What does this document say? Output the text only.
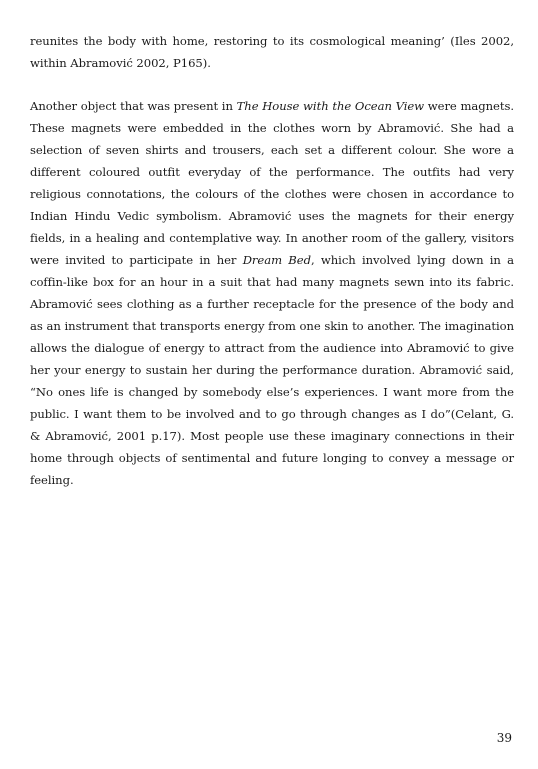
reunites the body with home, restoring to its cosmological meaning’ (Iles 2002, within Abramović 2002, P165).

Another object that was present in The House with the Ocean View were magnets. These magnets were embedded in the clothes worn by Abramović. She had a selection of seven shirts and trousers, each set a different colour. She wore a different coloured outfit everyday of the performance. The outfits had very religious connotations, the colours of the clothes were chosen in accordance to Indian Hindu Vedic symbolism. Abramović uses the magnets for their energy fields, in a healing and contemplative way. In another room of the gallery, visitors were invited to participate in her Dream Bed, which involved lying down in a coffin-like box for an hour in a suit that had many magnets sewn into its fabric. Abramović sees clothing as a further receptacle for the presence of the body and as an instrument that transports energy from one skin to another. The imagination allows the dialogue of energy to attract from the audience into Abramović to give her your energy to sustain her during the performance duration. Abramović said, “No ones life is changed by somebody else’s experiences. I want more from the public. I want them to be involved and to go through changes as I do”(Celant, G. & Abramović, 2001 p.17). Most people use these imaginary connections in their home through objects of sentimental and future longing to convey a message or feeling.

39
